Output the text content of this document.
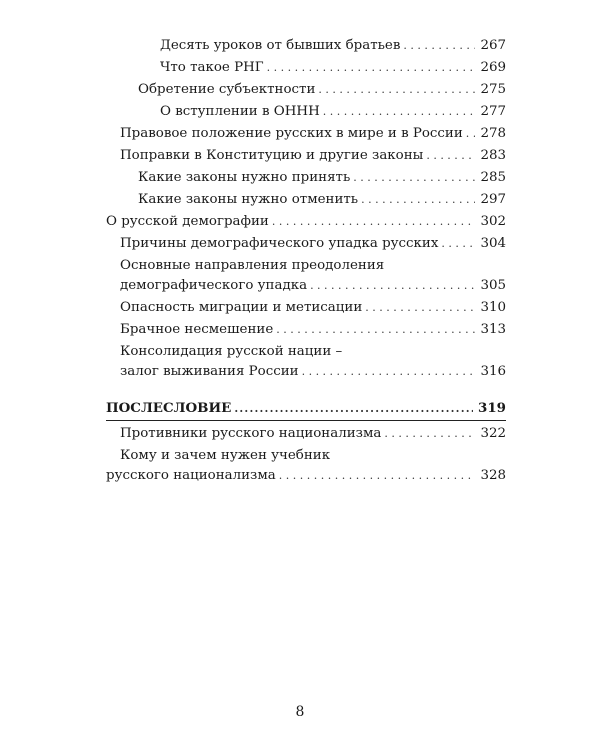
Десять уроков от бывших братьев . . .	267
Что такое РНГ . . .	269
Обретение субъектности . . .	275
О вступлении в ОННН . . .	277
Правовое положение русских в мире и в России . . .	278
Поправки в Конституцию и другие законы . . .	283
Какие законы нужно принять . . .	285
Какие законы нужно отменить . . .	297
О русской демографии . . .	302
Причины демографического упадка русских . . .	304
Основные направления преодоления
демографического упадка . . .	305
Опасность миграции и метисации . . .	310
Брачное несмешение . . .	313
Консолидация русской нации –
залог выживания России . . .	316
ПОСЛЕСЛОВИЕ .....	319
Противники русского национализма . . .	322
Кому и зачем нужен учебник
русского национализма . . .	328
8
